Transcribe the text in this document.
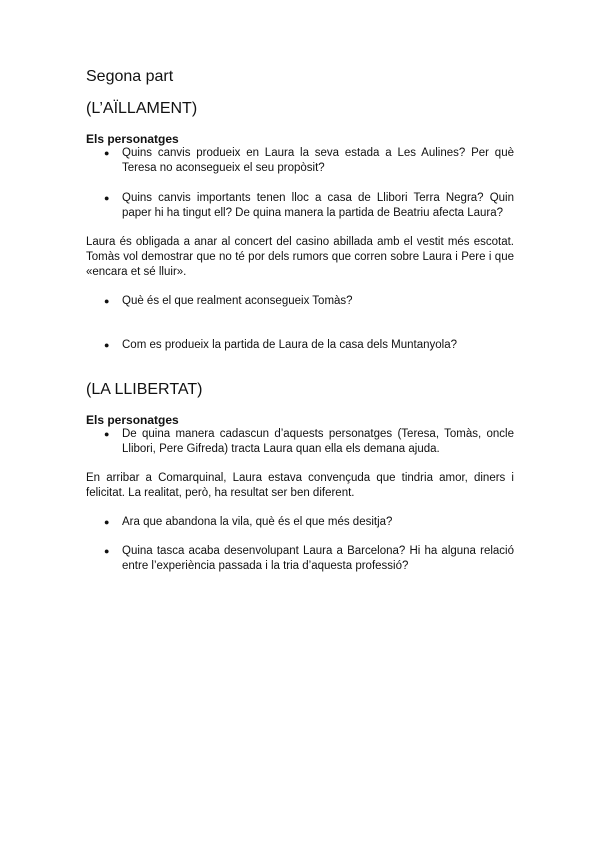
Segona part
(L’AÏLLAMENT)
Els personatges
● Quins canvis produeix en Laura la seva estada a Les Aulines? Per què Teresa no aconsegueix el seu propòsit?
● Quins canvis importants tenen lloc a casa de Llibori Terra Negra? Quin paper hi ha tingut ell? De quina manera la partida de Beatriu afecta Laura?

Laura és obligada a anar al concert del casino abillada amb el vestit més escotat. Tomàs vol demostrar que no té por dels rumors que corren sobre Laura i Pere i que «encara et sé lluir».

● Què és el que realment aconsegueix Tomàs?
● Com es produeix la partida de Laura de la casa dels Muntanyola?
(LA LLIBERTAT)
Els personatges
● De quina manera cadascun d’aquests personatges (Teresa, Tomàs, oncle Llibori, Pere Gifreda) tracta Laura quan ella els demana ajuda.

En arribar a Comarquinal, Laura estava convençuda que tindria amor, diners i felicitat. La realitat, però, ha resultat ser ben diferent.

● Ara que abandona la vila, què és el que més desitja?
● Quina tasca acaba desenvolupant Laura a Barcelona? Hi ha alguna relació entre l’experiència passada i la tria d’aquesta professió?
